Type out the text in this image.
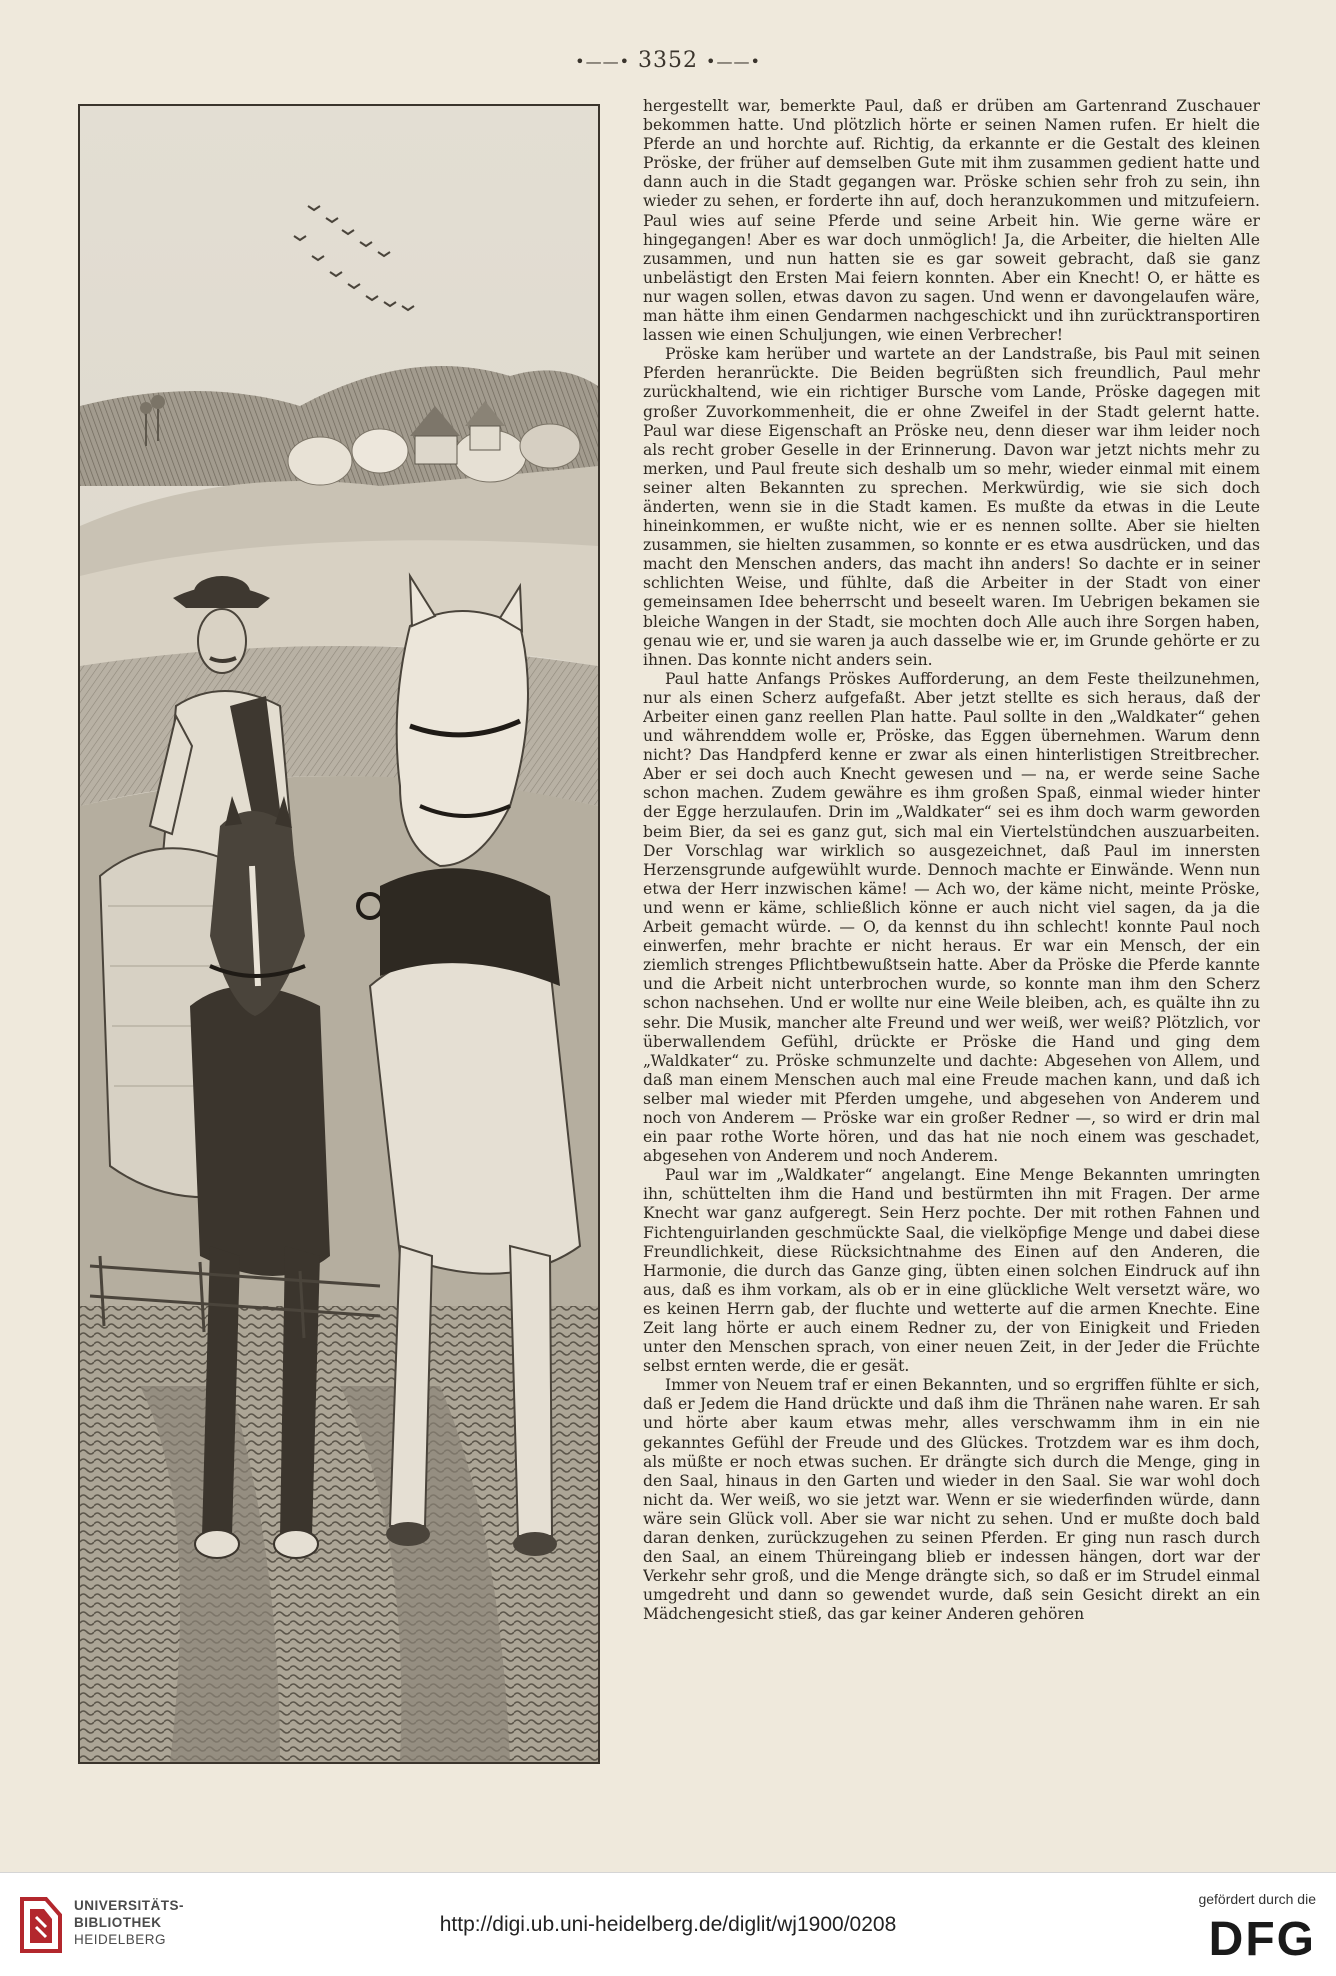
•——• 3352 •——•

hergestellt war, bemerkte Paul, daß er drüben am Gartenrand Zuschauer bekommen hatte. Und plötzlich hörte er seinen Namen rufen. Er hielt die Pferde an und horchte auf. Richtig, da erkannte er die Gestalt des kleinen Pröske, der früher auf demselben Gute mit ihm zusammen gedient hatte und dann auch in die Stadt gegangen war. Pröske schien sehr froh zu sein, ihn wieder zu sehen, er forderte ihn auf, doch heranzukommen und mitzufeiern. Paul wies auf seine Pferde und seine Arbeit hin. Wie gerne wäre er hingegangen! Aber es war doch unmöglich! Ja, die Arbeiter, die hielten Alle zusammen, und nun hatten sie es gar soweit gebracht, daß sie ganz unbelästigt den Ersten Mai feiern konnten. Aber ein Knecht! O, er hätte es nur wagen sollen, etwas davon zu sagen. Und wenn er davongelaufen wäre, man hätte ihm einen Gendarmen nachgeschickt und ihn zurücktransportiren lassen wie einen Schuljungen, wie einen Verbrecher!

Pröske kam herüber und wartete an der Landstraße, bis Paul mit seinen Pferden heranrückte. Die Beiden begrüßten sich freundlich, Paul mehr zurückhaltend, wie ein richtiger Bursche vom Lande, Pröske dagegen mit großer Zuvorkommenheit, die er ohne Zweifel in der Stadt gelernt hatte. Paul war diese Eigenschaft an Pröske neu, denn dieser war ihm leider noch als recht grober Geselle in der Erinnerung. Davon war jetzt nichts mehr zu merken, und Paul freute sich deshalb um so mehr, wieder einmal mit einem seiner alten Bekannten zu sprechen. Merkwürdig, wie sie sich doch änderten, wenn sie in die Stadt kamen. Es mußte da etwas in die Leute hineinkommen, er wußte nicht, wie er es nennen sollte. Aber sie hielten zusammen, sie hielten zusammen, so konnte er es etwa ausdrücken, und das macht den Menschen anders, das macht ihn anders! So dachte er in seiner schlichten Weise, und fühlte, daß die Arbeiter in der Stadt von einer gemeinsamen Idee beherrscht und beseelt waren. Im Uebrigen bekamen sie bleiche Wangen in der Stadt, sie mochten doch Alle auch ihre Sorgen haben, genau wie er, und sie waren ja auch dasselbe wie er, im Grunde gehörte er zu ihnen. Das konnte nicht anders sein.

Paul hatte Anfangs Pröskes Aufforderung, an dem Feste theilzunehmen, nur als einen Scherz aufgefaßt. Aber jetzt stellte es sich heraus, daß der Arbeiter einen ganz reellen Plan hatte. Paul sollte in den „Waldkater“ gehen und währenddem wolle er, Pröske, das Eggen übernehmen. Warum denn nicht? Das Handpferd kenne er zwar als einen hinterlistigen Streitbrecher. Aber er sei doch auch Knecht gewesen und — na, er werde seine Sache schon machen. Zudem gewähre es ihm großen Spaß, einmal wieder hinter der Egge herzulaufen. Drin im „Waldkater“ sei es ihm doch warm geworden beim Bier, da sei es ganz gut, sich mal ein Viertelstündchen auszuarbeiten. Der Vorschlag war wirklich so ausgezeichnet, daß Paul im innersten Herzensgrunde aufgewühlt wurde. Dennoch machte er Einwände. Wenn nun etwa der Herr inzwischen käme! — Ach wo, der käme nicht, meinte Pröske, und wenn er käme, schließlich könne er auch nicht viel sagen, da ja die Arbeit gemacht würde. — O, da kennst du ihn schlecht! konnte Paul noch einwerfen, mehr brachte er nicht heraus. Er war ein Mensch, der ein ziemlich strenges Pflichtbewußtsein hatte. Aber da Pröske die Pferde kannte und die Arbeit nicht unterbrochen wurde, so konnte man ihm den Scherz schon nachsehen. Und er wollte nur eine Weile bleiben, ach, es quälte ihn zu sehr. Die Musik, mancher alte Freund und wer weiß, wer weiß? Plötzlich, vor überwallendem Gefühl, drückte er Pröske die Hand und ging dem „Waldkater“ zu. Pröske schmunzelte und dachte: Abgesehen von Allem, und daß man einem Menschen auch mal eine Freude machen kann, und daß ich selber mal wieder mit Pferden umgehe, und abgesehen von Anderem und noch von Anderem — Pröske war ein großer Redner —, so wird er drin mal ein paar rothe Worte hören, und das hat nie noch einem was geschadet, abgesehen von Anderem und noch Anderem.

Paul war im „Waldkater“ angelangt. Eine Menge Bekannten umringten ihn, schüttelten ihm die Hand und bestürmten ihn mit Fragen. Der arme Knecht war ganz aufgeregt. Sein Herz pochte. Der mit rothen Fahnen und Fichtenguirlanden geschmückte Saal, die vielköpfige Menge und dabei diese Freundlichkeit, diese Rücksichtnahme des Einen auf den Anderen, die Harmonie, die durch das Ganze ging, übten einen solchen Eindruck auf ihn aus, daß es ihm vorkam, als ob er in eine glückliche Welt versetzt wäre, wo es keinen Herrn gab, der fluchte und wetterte auf die armen Knechte. Eine Zeit lang hörte er auch einem Redner zu, der von Einigkeit und Frieden unter den Menschen sprach, von einer neuen Zeit, in der Jeder die Früchte selbst ernten werde, die er gesät.

Immer von Neuem traf er einen Bekannten, und so ergriffen fühlte er sich, daß er Jedem die Hand drückte und daß ihm die Thränen nahe waren. Er sah und hörte aber kaum etwas mehr, alles verschwamm ihm in ein nie gekanntes Gefühl der Freude und des Glückes. Trotzdem war es ihm doch, als müßte er noch etwas suchen. Er drängte sich durch die Menge, ging in den Saal, hinaus in den Garten und wieder in den Saal. Sie war wohl doch nicht da. Wer weiß, wo sie jetzt war. Wenn er sie wiederfinden würde, dann wäre sein Glück voll. Aber sie war nicht zu sehen. Und er mußte doch bald daran denken, zurückzugehen zu seinen Pferden. Er ging nun rasch durch den Saal, an einem Thüreingang blieb er indessen hängen, dort war der Verkehr sehr groß, und die Menge drängte sich, so daß er im Strudel einmal umgedreht und dann so gewendet wurde, daß sein Gesicht direkt an ein Mädchengesicht stieß, das gar keiner Anderen gehören

UNIVERSITÄTS-
BIBLIOTHEK
HEIDELBERG
http://digi.ub.uni-heidelberg.de/diglit/wj1900/0208
gefördert durch die
DFG
